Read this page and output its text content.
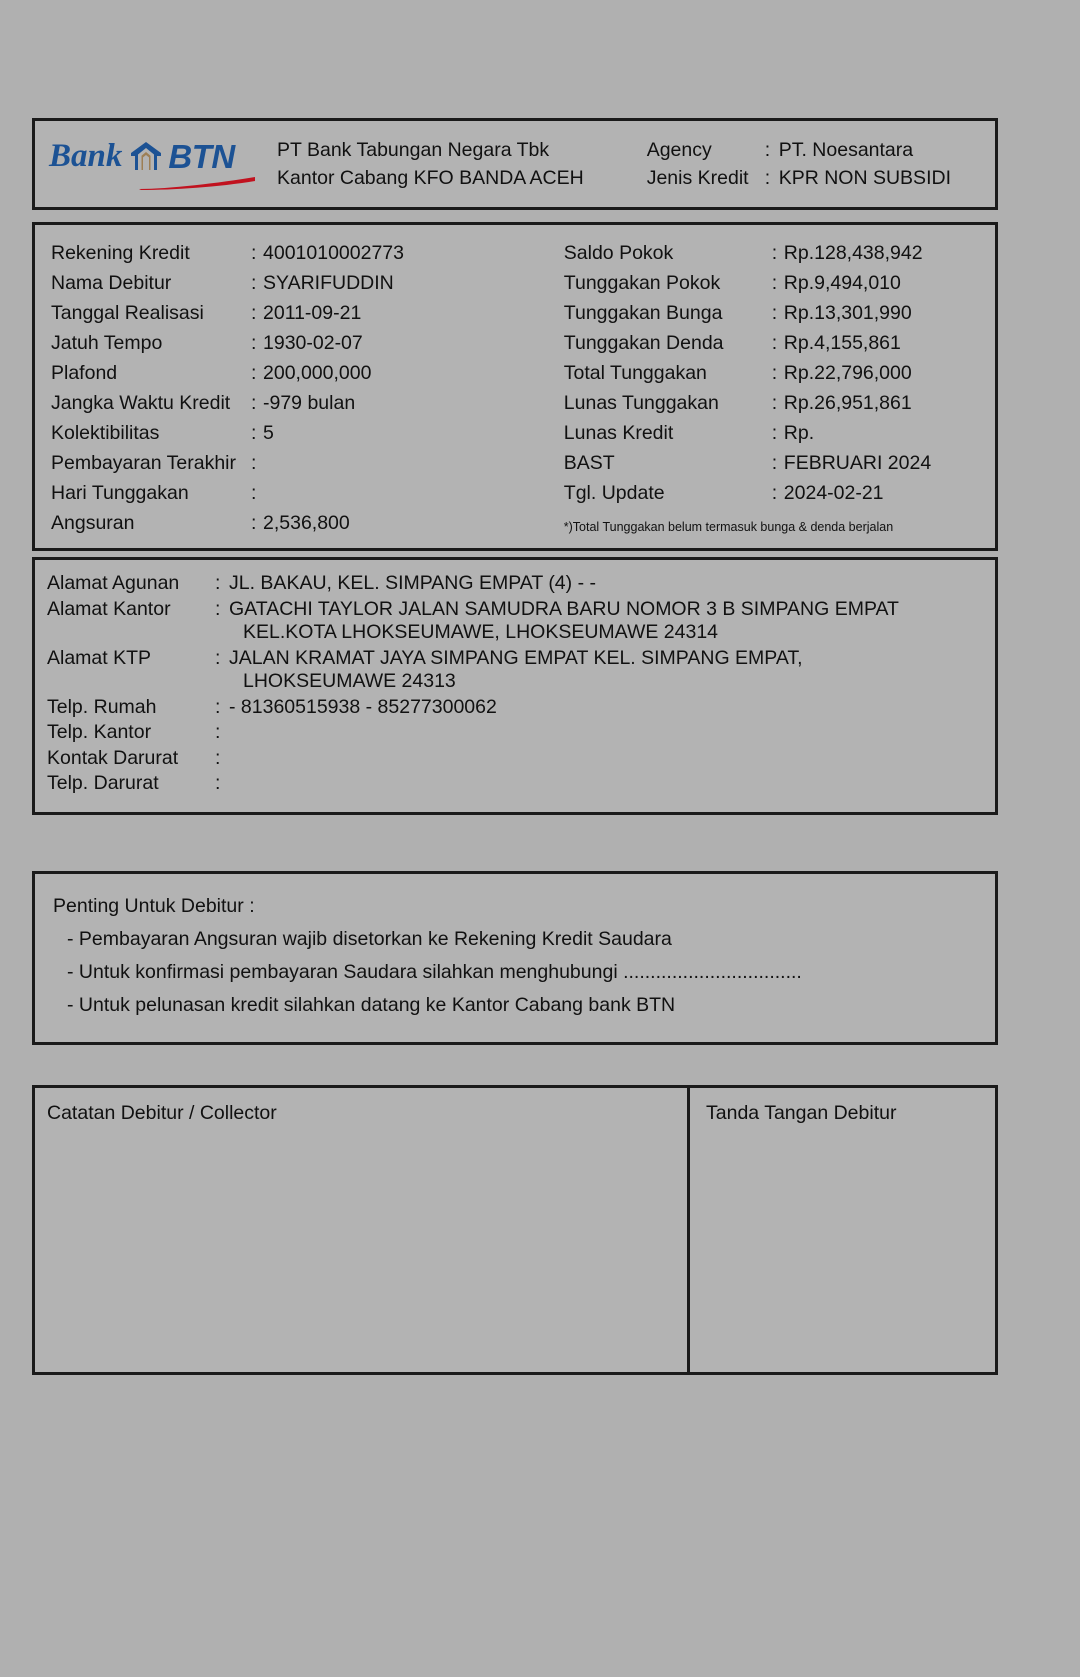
Bank BTN PT Bank Tabungan Negara Tbk
Kantor Cabang KFO BANDA ACEH
Agency	: PT. Noesantara
Jenis Kredit : KPR NON SUBSIDI
Rekening Kredit	: 4001010002773
Nama Debitur	: SYARIFUDDIN
Tanggal Realisasi	: 2011-09-21
Jatuh Tempo	: 1930-02-07
Plafond	: 200,000,000
Jangka Waktu Kredit	: -979 bulan
Kolektibilitas	: 5
Pembayaran Terakhir :
Hari Tunggakan	:
Angsuran	: 2,536,800
Saldo Pokok	: Rp.128,438,942
Tunggakan Pokok	: Rp.9,494,010
Tunggakan Bunga	: Rp.13,301,990
Tunggakan Denda	: Rp.4,155,861
Total Tunggakan	: Rp.22,796,000
Lunas Tunggakan	: Rp.26,951,861
Lunas Kredit	: Rp.
BAST	: FEBRUARI 2024
Tgl. Update	: 2024-02-21
*)Total Tunggakan belum termasuk bunga & denda berjalan
Alamat Agunan	: JL. BAKAU, KEL. SIMPANG EMPAT (4) - -
Alamat Kantor	: GATACHI TAYLOR JALAN SAMUDRA BARU NOMOR 3 B SIMPANG EMPAT
KEL.KOTA LHOKSEUMAWE, LHOKSEUMAWE 24314
Alamat KTP	: JALAN KRAMAT JAYA SIMPANG EMPAT KEL. SIMPANG EMPAT,
LHOKSEUMAWE 24313
Telp. Rumah	: - 81360515938 - 85277300062
Telp. Kantor	:
Kontak Darurat	:
Telp. Darurat	:
Penting Untuk Debitur :
- Pembayaran Angsuran wajib disetorkan ke Rekening Kredit Saudara
- Untuk konfirmasi pembayaran Saudara silahkan menghubungi .................................
- Untuk pelunasan kredit silahkan datang ke Kantor Cabang bank BTN
Catatan Debitur / Collector	Tanda Tangan Debitur
